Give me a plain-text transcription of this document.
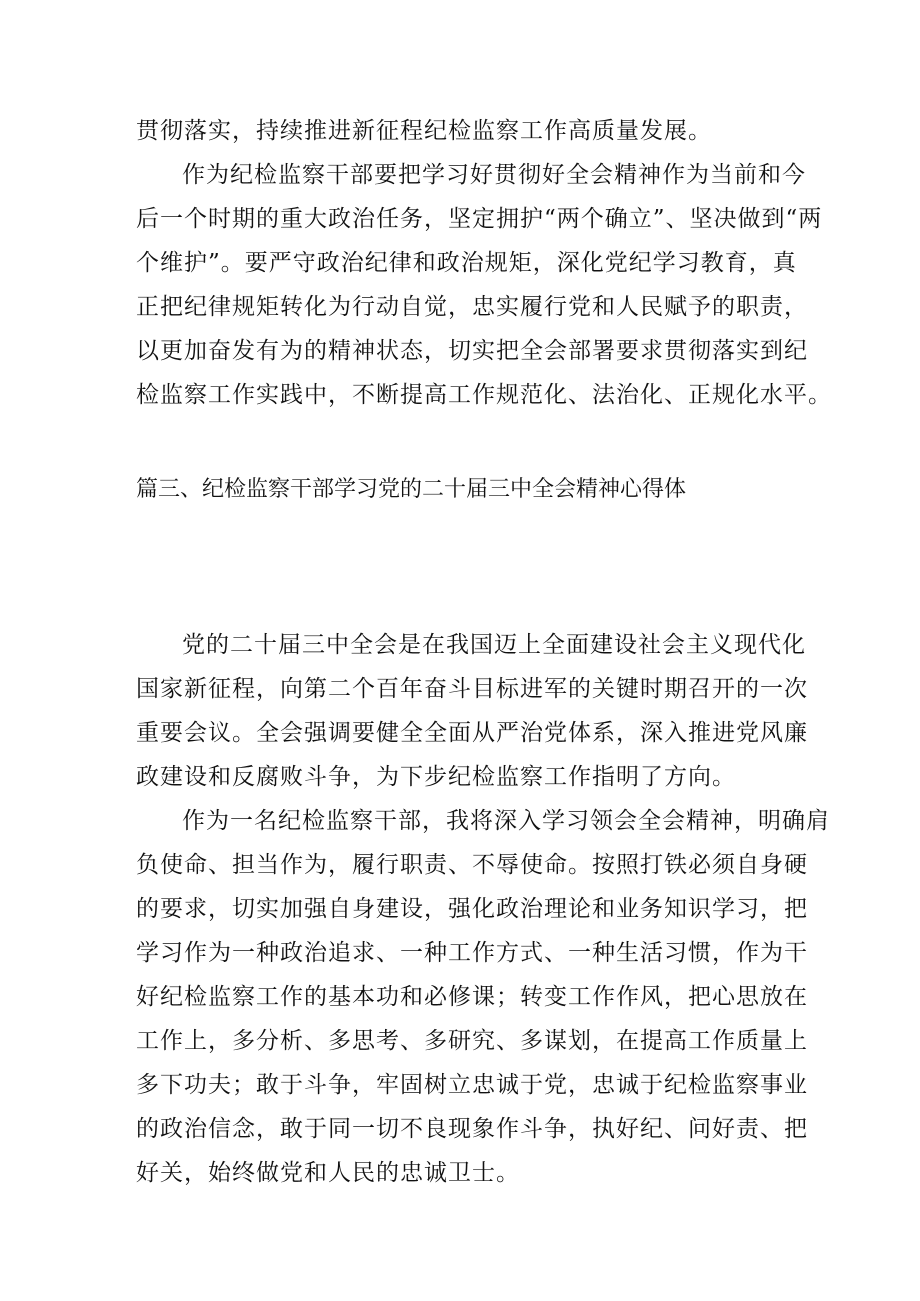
贯彻落实，持续推进新征程纪检监察工作高质量发展。
作为纪检监察干部要把学习好贯彻好全会精神作为当前和今
后一个时期的重大政治任务，坚定拥护“两个确立”、坚决做到“两
个维护”。要严守政治纪律和政治规矩，深化党纪学习教育，真
正把纪律规矩转化为行动自觉，忠实履行党和人民赋予的职责，
以更加奋发有为的精神状态，切实把全会部署要求贯彻落实到纪
检监察工作实践中，不断提高工作规范化、法治化、正规化水平。
篇三、纪检监察干部学习党的二十届三中全会精神心得体
党的二十届三中全会是在我国迈上全面建设社会主义现代化
国家新征程，向第二个百年奋斗目标进军的关键时期召开的一次
重要会议。全会强调要健全全面从严治党体系，深入推进党风廉
政建设和反腐败斗争，为下步纪检监察工作指明了方向。
作为一名纪检监察干部，我将深入学习领会全会精神，明确肩
负使命、担当作为，履行职责、不辱使命。按照打铁必须自身硬
的要求，切实加强自身建设，强化政治理论和业务知识学习，把
学习作为一种政治追求、一种工作方式、一种生活习惯，作为干
好纪检监察工作的基本功和必修课；转变工作作风，把心思放在
工作上，多分析、多思考、多研究、多谋划，在提高工作质量上
多下功夫；敢于斗争，牢固树立忠诚于党，忠诚于纪检监察事业
的政治信念，敢于同一切不良现象作斗争，执好纪、问好责、把
好关，始终做党和人民的忠诚卫士。
